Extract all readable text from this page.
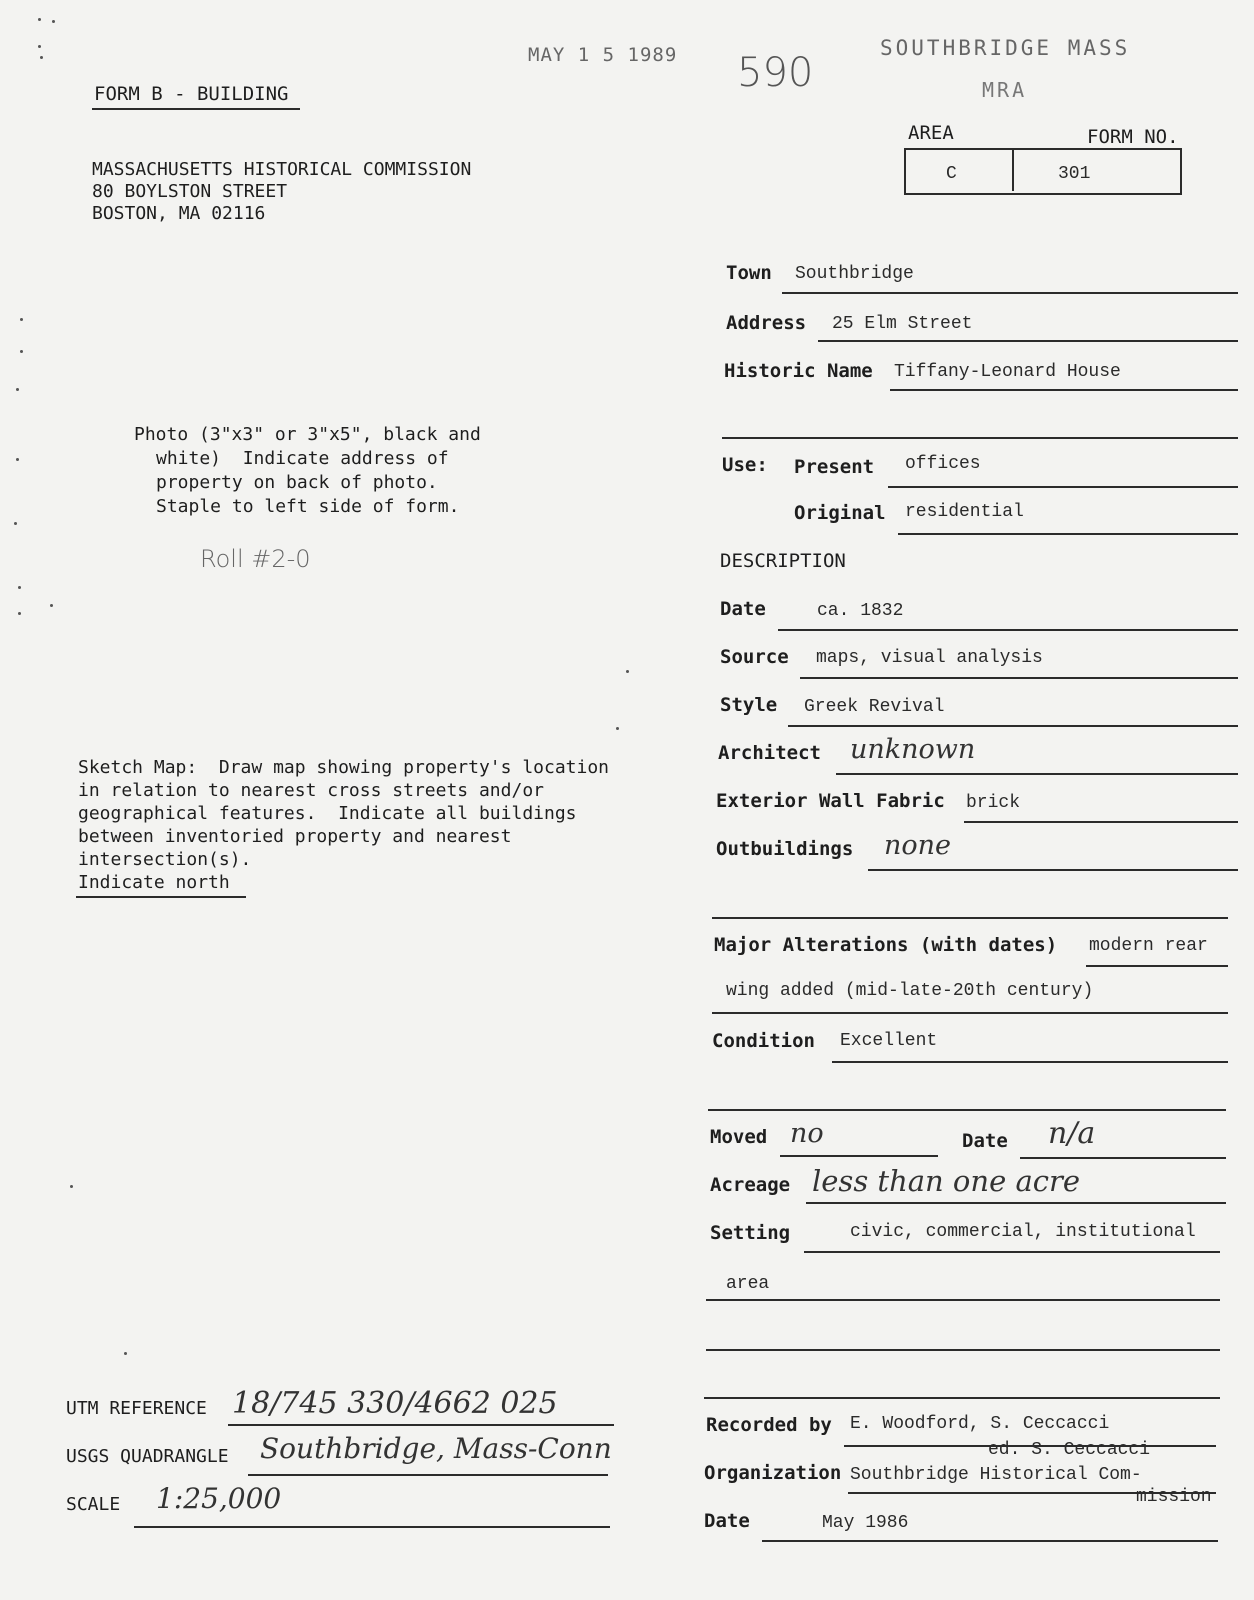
FORM B - BUILDING
MAY 1 5 1989 590
SOUTHBRIDGE MASS
MRA
AREA	FORM NO.
C	301
MASSACHUSETTS HISTORICAL COMMISSION
80 BOYLSTON STREET
BOSTON, MA 02116
Photo (3"x3" or 3"x5", black and
white)  Indicate address of
property on back of photo.
Staple to left side of form.
Roll #2-0
Sketch Map:  Draw map showing property's location
in relation to nearest cross streets and/or
geographical features.  Indicate all buildings
between inventoried property and nearest
intersection(s).
Indicate north
UTM REFERENCE 18/745 330/4662 025
USGS QUADRANGLE Southbridge, Mass-Conn
SCALE 1:25,000
Town Southbridge
Address 25 Elm Street
Historic Name Tiffany-Leonard House
Use: Present offices
Original residential
DESCRIPTION
Date	ca. 1832
Source maps, visual analysis
Style Greek Revival
Architect unknown
Exterior Wall Fabric brick
Outbuildings none
Major Alterations (with dates) modern rear
wing added (mid-late-20th century)
Condition Excellent
Moved no	Date n/a
Acreage less than one acre
Setting	civic, commercial, institutional
area
Recorded by E. Woodford, S. Ceccacci
ed. S. Ceccacci
Organization Southbridge Historical Com-
mission
Date	May 1986
